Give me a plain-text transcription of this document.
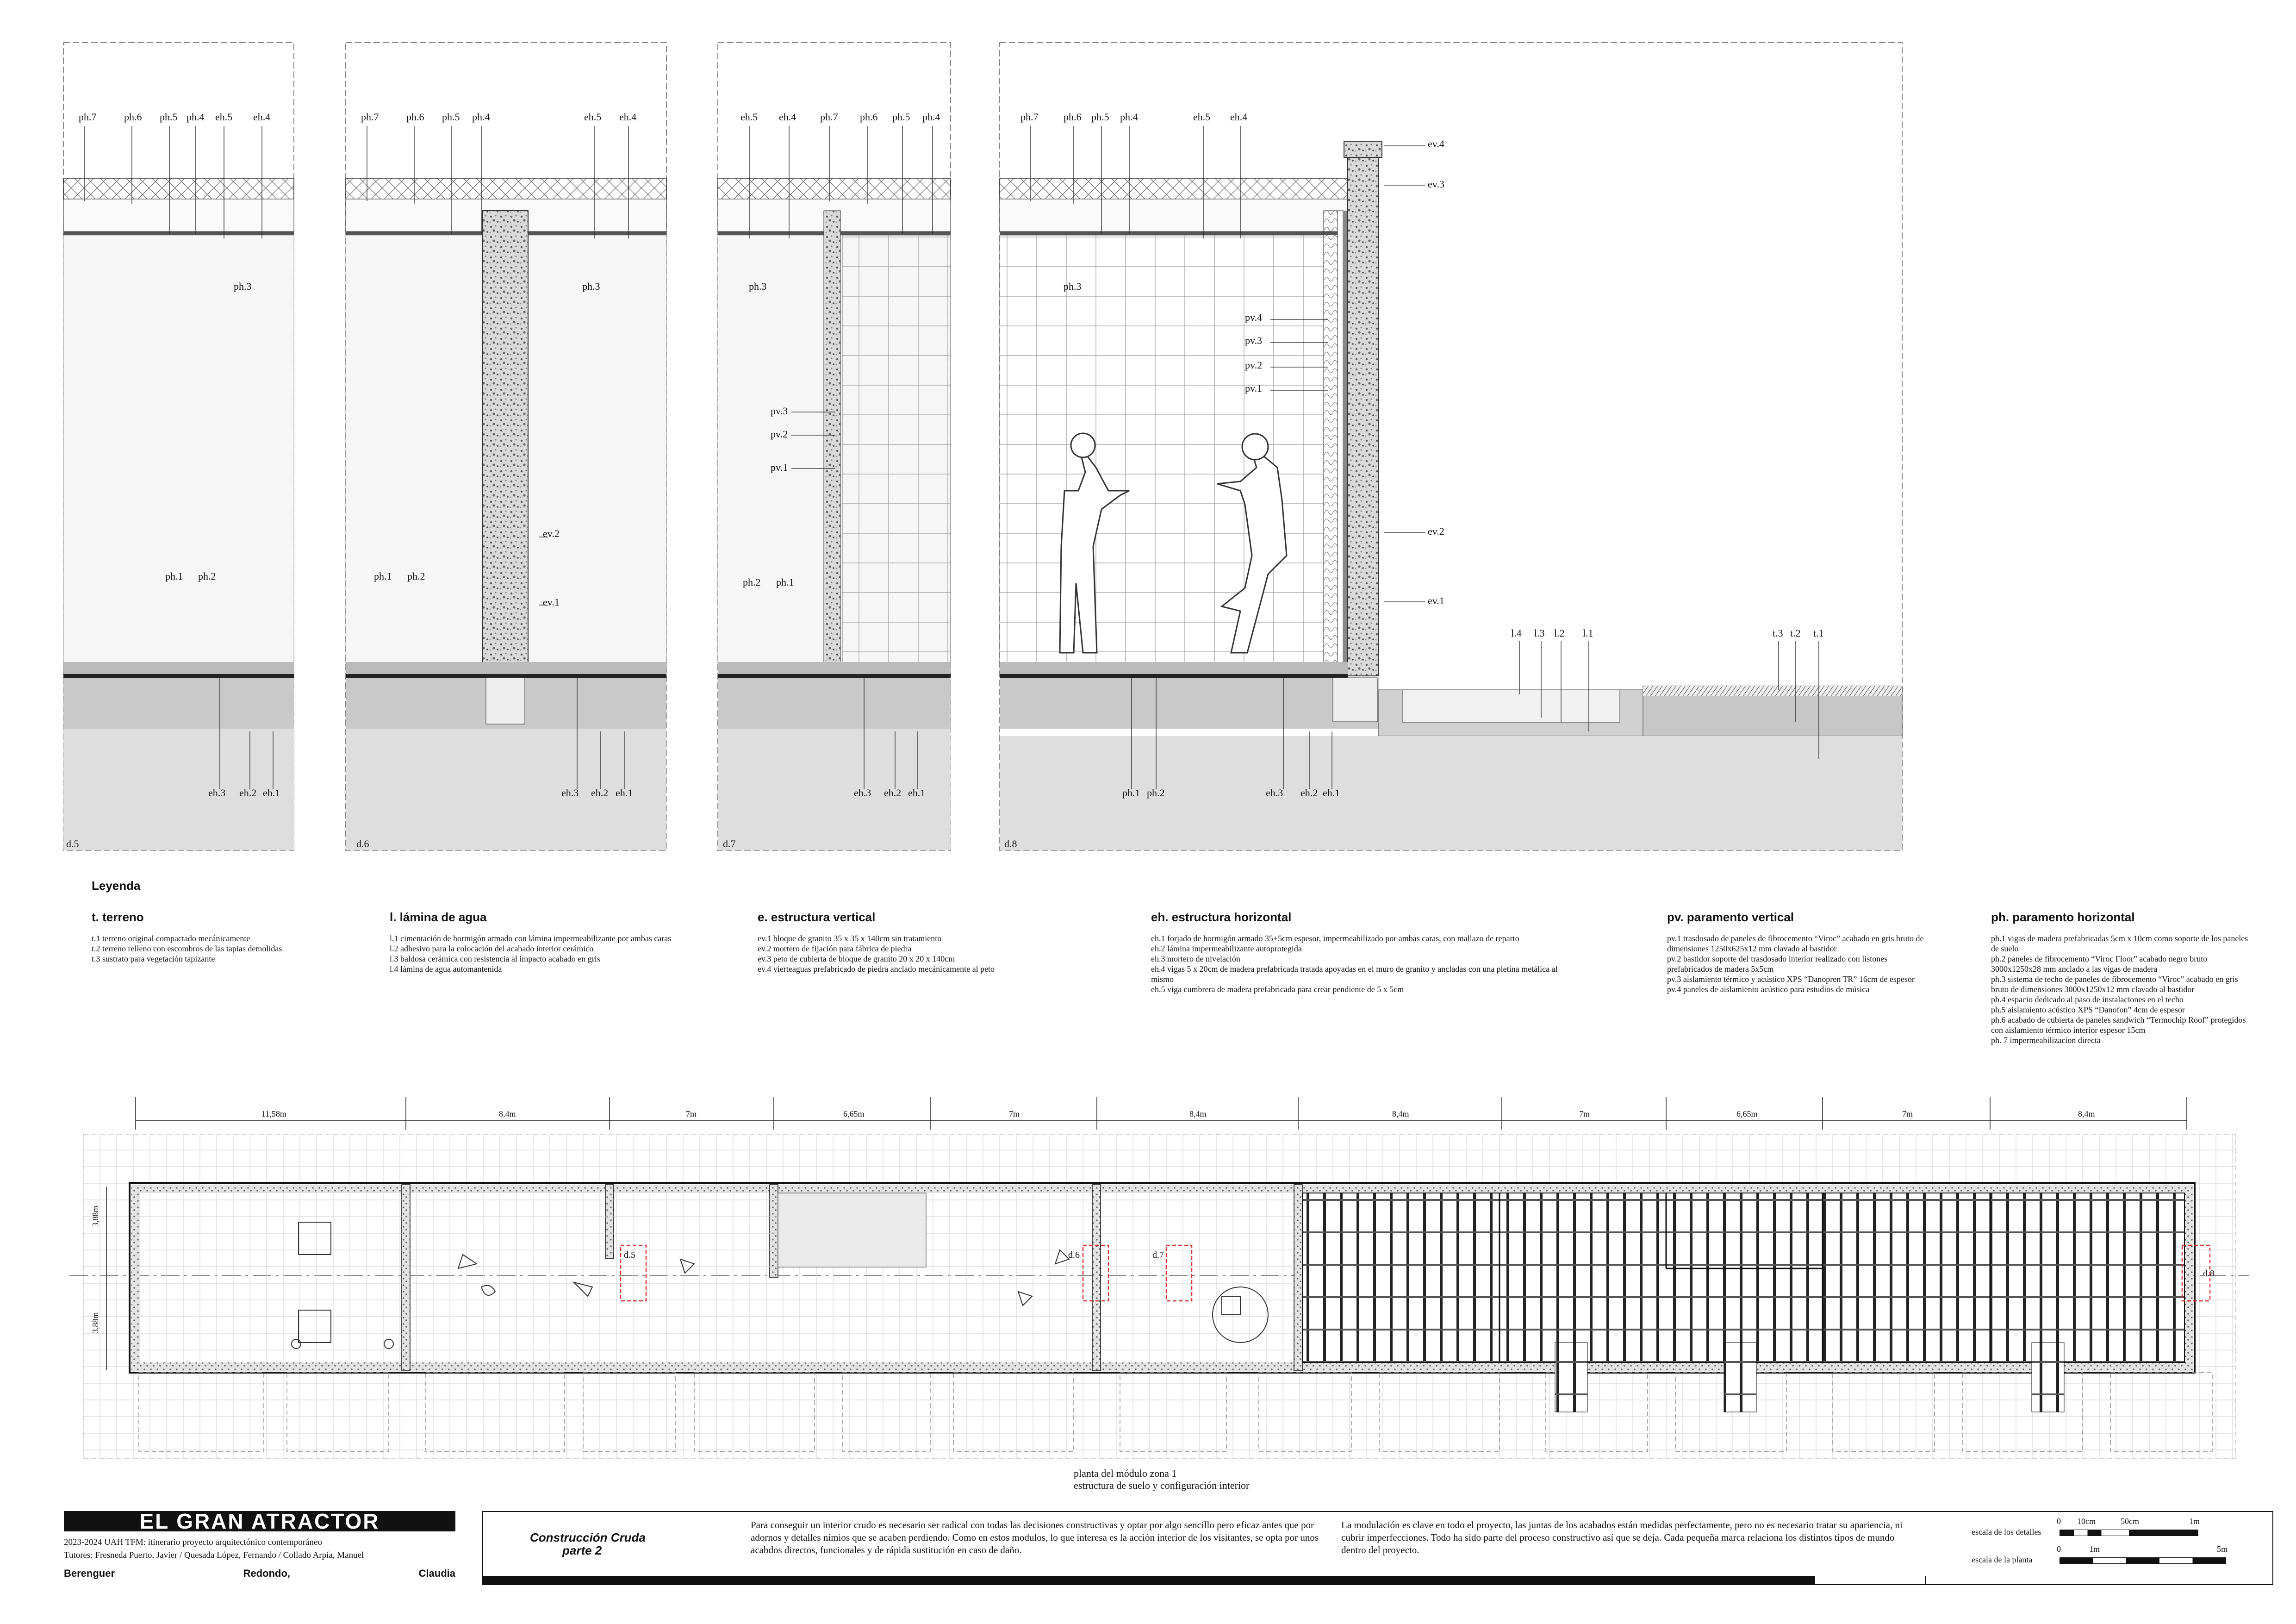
d.5	d.6	d.7	d.8
ph.7	ph.6 ph.5 ph.4 eh.5 eh.4
ph.3
ph.1 ph.2
eh.3 eh.2 eh.1
ph.7	ph.6 ph.5 ph.4	eh.5 eh.4
ph.3
ev.2
ev.1
ph.1 ph.2
eh.3 eh.2 eh.1
eh.5 eh.4 ph.7 ph.6 ph.5 ph.4
ph.3
pv.3
pv.2
pv.1
ph.2 ph.1
eh.3 eh.2 eh.1
ph.7 ph.6 ph.5 ph.4	eh.5 eh.4
ph.3
pv.4
pv.3
pv.2
pv.1
ev.4
ev.3
ev.2
ev.1
l.4 l.3 l.2 l.1	t.3 t.2 t.1
ph.1 ph.2	eh.3 eh.2 eh.1
Leyenda
t. terreno
t.1 terreno original compactado mecánicamente
t.2 terreno relleno con escombros de las tapias demolidas
t.3 sustrato para vegetación tapizante
l. lámina de agua
l.1 cimentación de hormigón armado con lámina impermeabilizante por ambas caras
l.2 adhesivo para la colocación del acabado interior cerámico
l.3 baldosa cerámica con resistencia al impacto acabado en gris
l.4 lámina de agua automantenida
e. estructura vertical
ev.1 bloque de granito 35 x 35 x 140cm sin tratamiento
ev.2 mortero de fijación para fábrica de piedra
ev.3 peto de cubierta de bloque de granito 20 x 20 x 140cm
ev.4 vierteaguas prefabricado de piedra anclado mecánicamente al peto
eh. estructura horizontal
eh.1 forjado de hormigón armado 35+5cm espesor, impermeabilizado por ambas caras, con mallazo de reparto
eh.2 lámina impermeabilizante autoprotegida
eh.3 mortero de nivelación
eh.4 vigas 5 x 20cm de madera prefabricada tratada apoyadas en el muro de granito y ancladas con una pletina metálica al mismo
eh.5 viga cumbrera de madera prefabricada para crear pendiente de 5 x 5cm
pv. paramento vertical
pv.1 trasdosado de paneles de fibrocemento “Viroc” acabado en gris bruto de dimensiones 1250x625x12 mm clavado al bastidor
pv.2 bastidor soporte del trasdosado interior realizado con listones prefabricados de madera 5x5cm
pv.3 aislamiento térmico y acústico XPS “Danopren TR” 16cm de espesor
pv.4 paneles de aislamiento acústico para estudios de música
ph. paramento horizontal
ph.1 vigas de madera prefabricadas 5cm x 10cm como soporte de los paneles de suelo
ph.2 paneles de fibrocemento “Viroc Floor” acabado negro bruto 3000x1250x28 mm anclado a las vigas de madera
ph.3 sistema de techo de paneles de fibrocemento “Viroc” acabado en gris bruto de dimensiones 3000x1250x12 mm clavado al bastidor
ph.4 espacio dedicado al paso de instalaciones en el techo
ph.5 aislamiento acústico XPS “Danofon” 4cm de espesor
ph.6 acabado de cubierta de paneles sandwich “Termochip Roof” protegidos con aislamiento térmico interior espesor 15cm
ph. 7 impermeabilizacion directa
11,58m	8,4m	7m	6,65m	7m	8,4m	8,4m	7m	6,65m	7m	8,4m
3,88m
3,88m
d.5	d.6	d.7
d.8
planta del módulo zona 1
estructura de suelo y configuración interior
EL GRAN ATRACTOR
2023-2024 UAH TFM: itinerario proyecto arquitectónico contemporáneo
Tutores: Fresneda Puerto, Javier / Quesada López, Fernando / Collado Arpía, Manuel
Berenguer	Redondo,	Claudia
Construcción Cruda
parte 2
Para conseguir un interior crudo es necesario ser radical con todas las decisiones constructivas y optar por algo sencillo pero eficaz antes que por adornos y detalles nimios que se acaben perdiendo. Como en estos modulos, lo que interesa es la acción interior de los visitantes, se opta por unos acabdos directos, funcionales y de rápida sustitución en caso de daño.
La modulación es clave en todo el proyecto, las juntas de los acabados están medidas perfectamente, pero no es necesario tratar su apariencia, ni cubrir imperfecciones. Todo ha sido parte del proceso constructivo así que se deja. Cada pequeña marca relaciona los distintos tipos de mundo dentro del proyecto.
escala de los detalles
escala de la planta
0 10cm	50cm	1m
0	1m	5m
